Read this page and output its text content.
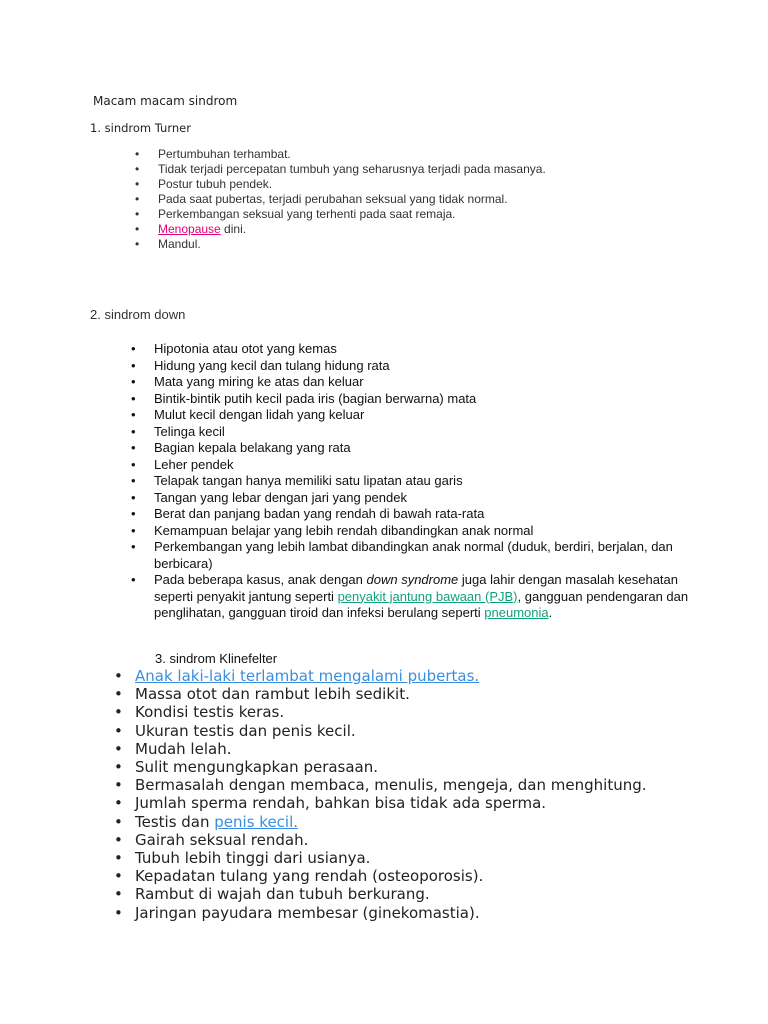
Macam macam sindrom
1. sindrom Turner
• Pertumbuhan terhambat.
• Tidak terjadi percepatan tumbuh yang seharusnya terjadi pada masanya.
• Postur tubuh pendek.
• Pada saat pubertas, terjadi perubahan seksual yang tidak normal.
• Perkembangan seksual yang terhenti pada saat remaja.
• Menopause dini.
• Mandul.
2. sindrom down
• Hipotonia atau otot yang kemas
• Hidung yang kecil dan tulang hidung rata
• Mata yang miring ke atas dan keluar
• Bintik-bintik putih kecil pada iris (bagian berwarna) mata
• Mulut kecil dengan lidah yang keluar
• Telinga kecil
• Bagian kepala belakang yang rata
• Leher pendek
• Telapak tangan hanya memiliki satu lipatan atau garis
• Tangan yang lebar dengan jari yang pendek
• Berat dan panjang badan yang rendah di bawah rata-rata
• Kemampuan belajar yang lebih rendah dibandingkan anak normal
• Perkembangan yang lebih lambat dibandingkan anak normal (duduk, berdiri, berjalan, dan berbicara)
• Pada beberapa kasus, anak dengan down syndrome juga lahir dengan masalah kesehatan seperti penyakit jantung seperti penyakit jantung bawaan (PJB), gangguan pendengaran dan penglihatan, gangguan tiroid dan infeksi berulang seperti pneumonia.
3. sindrom Klinefelter
• Anak laki-laki terlambat mengalami pubertas.
• Massa otot dan rambut lebih sedikit.
• Kondisi testis keras.
• Ukuran testis dan penis kecil.
• Mudah lelah.
• Sulit mengungkapkan perasaan.
• Bermasalah dengan membaca, menulis, mengeja, dan menghitung.
• Jumlah sperma rendah, bahkan bisa tidak ada sperma.
• Testis dan penis kecil.
• Gairah seksual rendah.
• Tubuh lebih tinggi dari usianya.
• Kepadatan tulang yang rendah (osteoporosis).
• Rambut di wajah dan tubuh berkurang.
• Jaringan payudara membesar (ginekomastia).
